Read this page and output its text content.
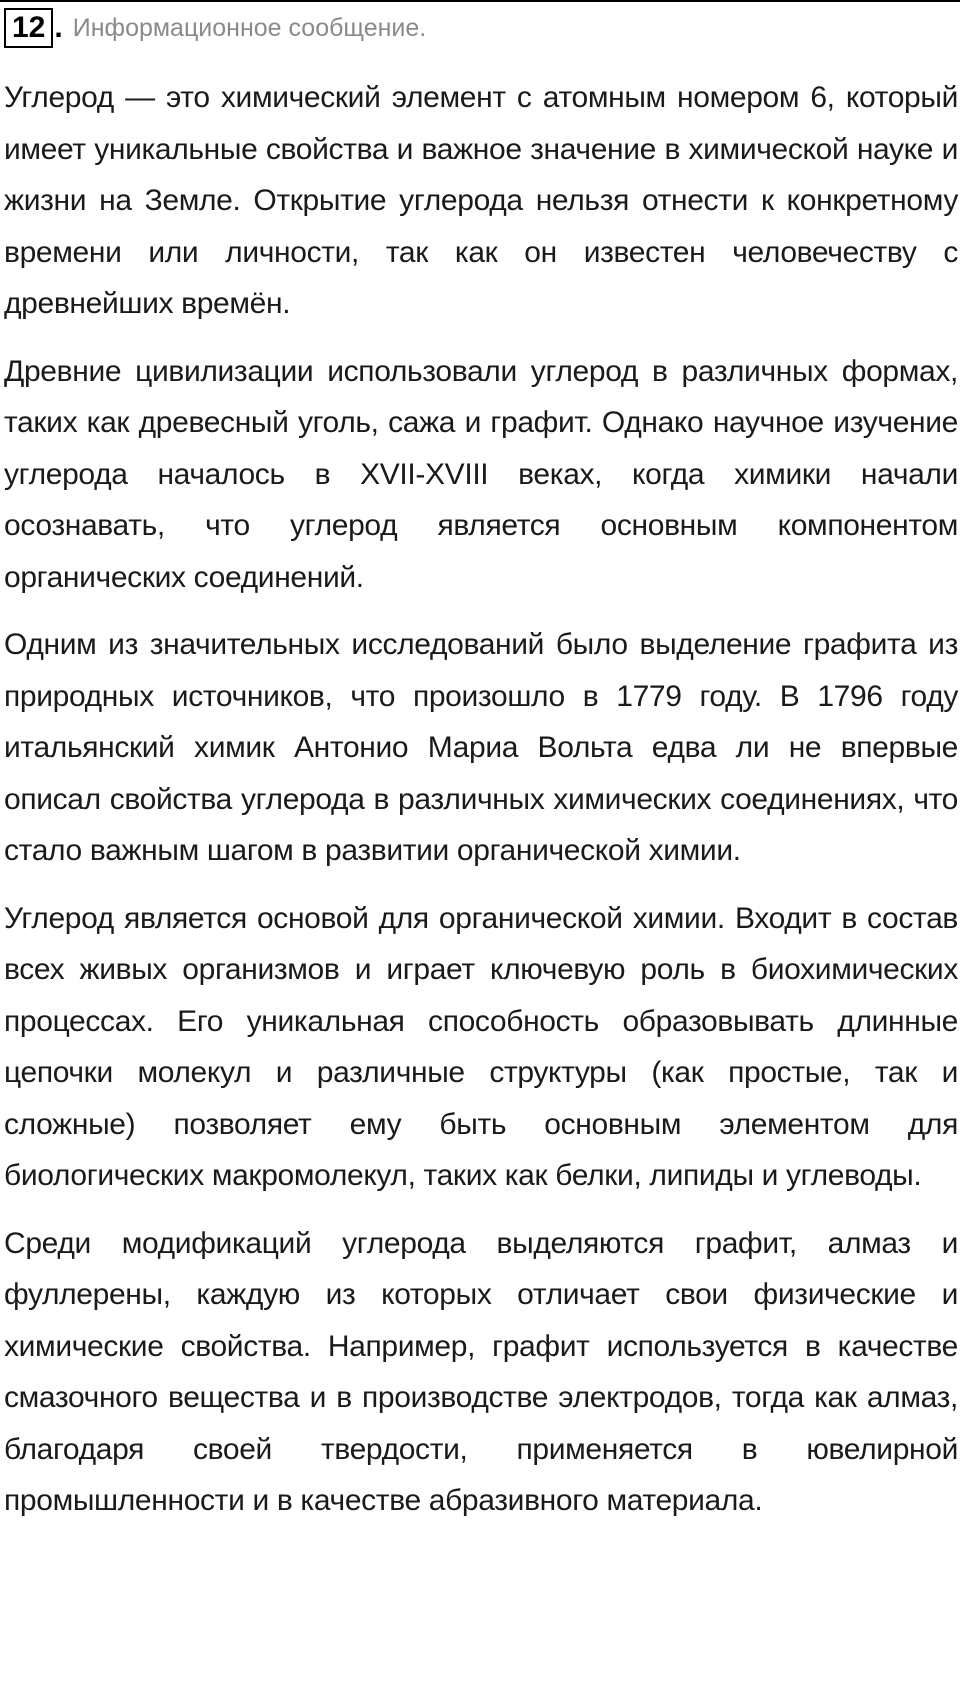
12 . Информационное сообщение.

Углерод — это химический элемент с атомным номером 6, который имеет уникальные свойства и важное значение в химической науке и жизни на Земле. Открытие углерода нельзя отнести к конкретному времени или личности, так как он известен человечеству с древнейших времён.

Древние цивилизации использовали углерод в различных формах, таких как древесный уголь, сажа и графит. Однако научное изучение углерода началось в XVII-XVIII веках, когда химики начали осознавать, что углерод является основным компонентом органических соединений.

Одним из значительных исследований было выделение графита из природных источников, что произошло в 1779 году. В 1796 году итальянский химик Антонио Мариа Вольта едва ли не впервые описал свойства углерода в различных химических соединениях, что стало важным шагом в развитии органической химии.

Углерод является основой для органической химии. Входит в состав всех живых организмов и играет ключевую роль в биохимических процессах. Его уникальная способность образовывать длинные цепочки молекул и различные структуры (как простые, так и сложные) позволяет ему быть основным элементом для биологических макромолекул, таких как белки, липиды и углеводы.

Среди модификаций углерода выделяются графит, алмаз и фуллерены, каждую из которых отличает свои физические и химические свойства. Например, графит используется в качестве смазочного вещества и в производстве электродов, тогда как алмаз, благодаря своей твердости, применяется в ювелирной промышленности и в качестве абразивного материала.
